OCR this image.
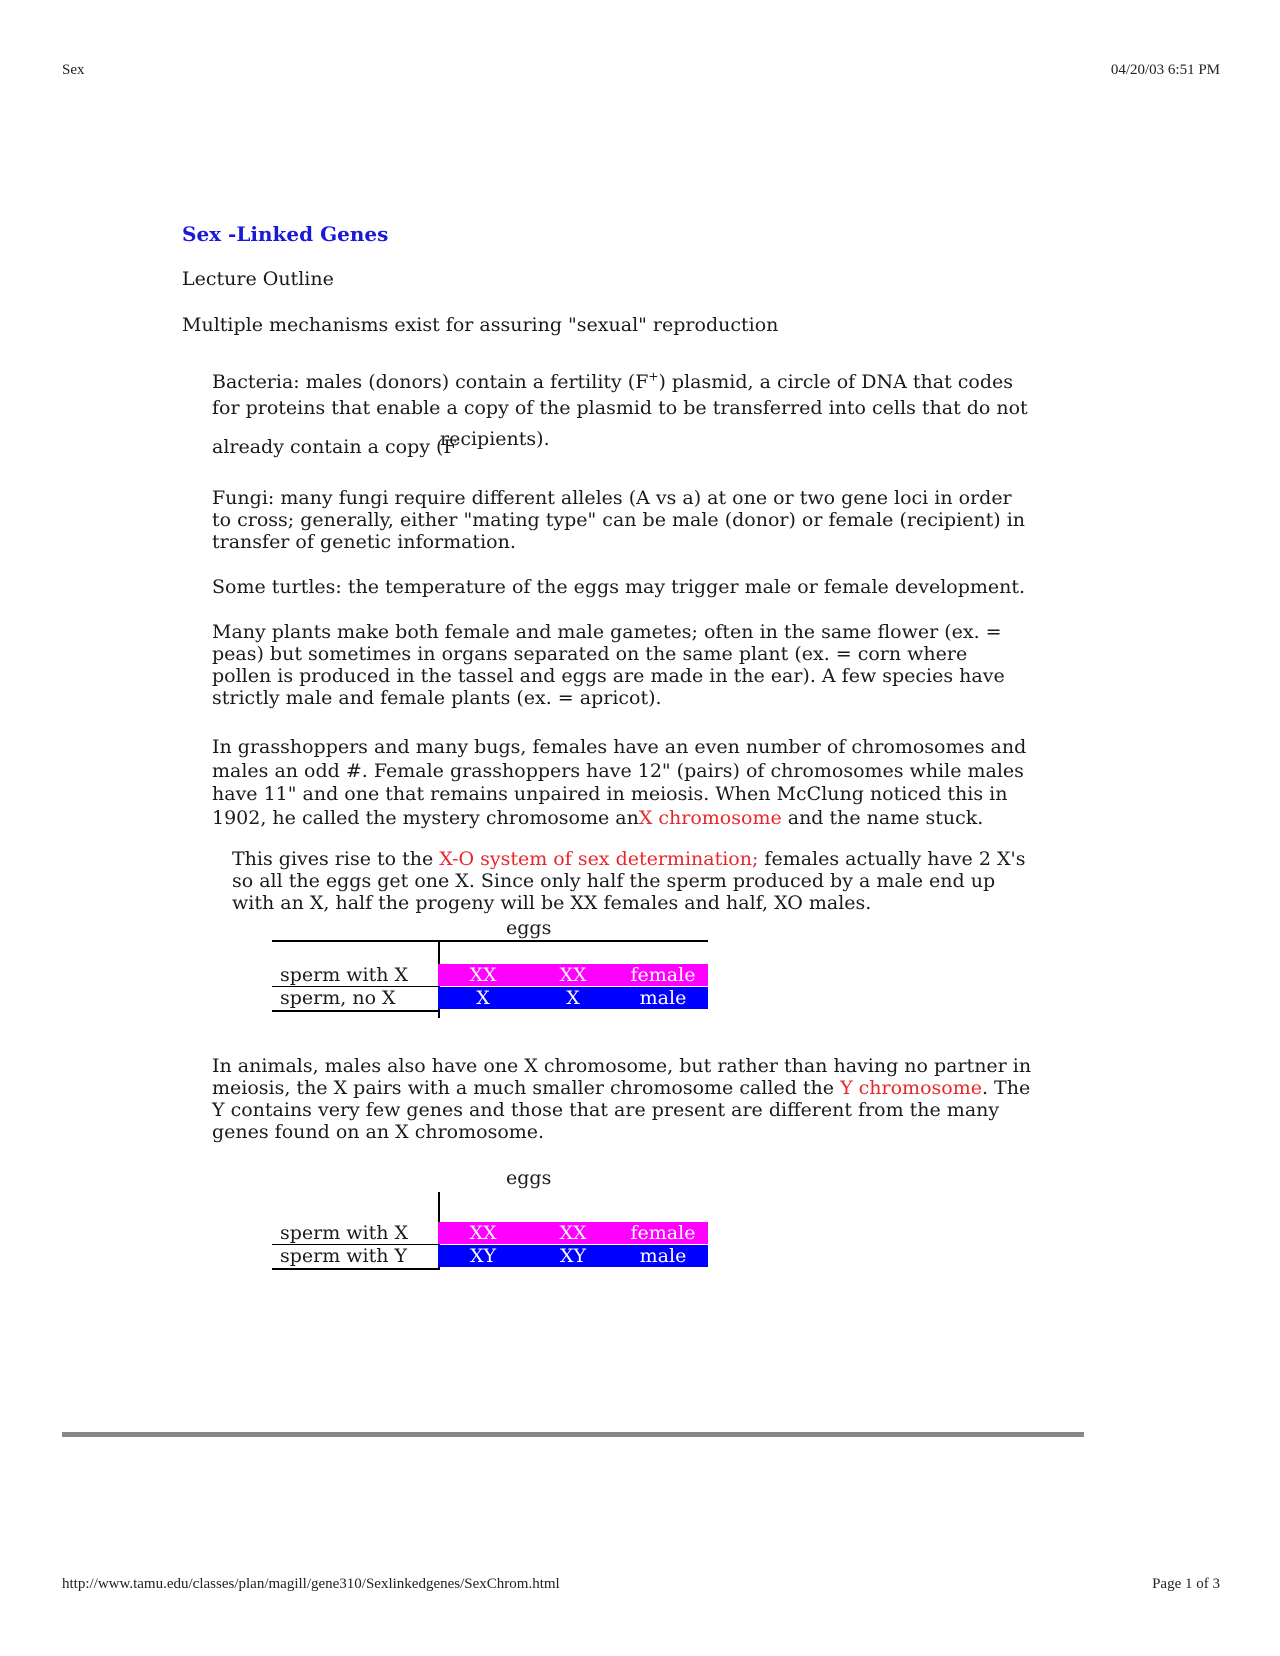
Sex	04/20/03 6:51 PM
Sex -Linked Genes
Lecture Outline
Multiple mechanisms exist for assuring "sexual" reproduction
Bacteria: males (donors) contain a fertility (F+) plasmid, a circle of DNA that codes
for proteins that enable a copy of the plasmid to be transferred into cells that do not
already contain a copy (F
recipients).
Fungi: many fungi require different alleles (A vs a) at one or two gene loci in order to cross; generally, either "mating type" can be male (donor) or female (recipient) in transfer of genetic information.
Some turtles: the temperature of the eggs may trigger male or female development.
Many plants make both female and male gametes; often in the same flower (ex. = peas) but sometimes in organs separated on the same plant (ex. = corn where pollen is produced in the tassel and eggs are made in the ear). A few species have strictly male and female plants (ex. = apricot).
In grasshoppers and many bugs, females have an even number of chromosomes and males an odd #. Female grasshoppers have 12" (pairs) of chromosomes while males have 11" and one that remains unpaired in meiosis. When McClung noticed this in 1902, he called the mystery chromosome anX chromosome and the name stuck.
This gives rise to the X-O system of sex determination; females actually have 2 X's so all the eggs get one X. Since only half the sperm produced by a male end up with an X, half the progeny will be XX females and half, XO males.
eggs
sperm with X	XX	XX	female
sperm, no X	X	X	male
In animals, males also have one X chromosome, but rather than having no partner in meiosis, the X pairs with a much smaller chromosome called the Y chromosome. The Y contains very few genes and those that are present are different from the many genes found on an X chromosome.
eggs
sperm with X	XX	XX	female
sperm with Y	XY	XY	male
http://www.tamu.edu/classes/plan/magill/gene310/Sexlinkedgenes/SexChrom.html	Page 1 of 3
